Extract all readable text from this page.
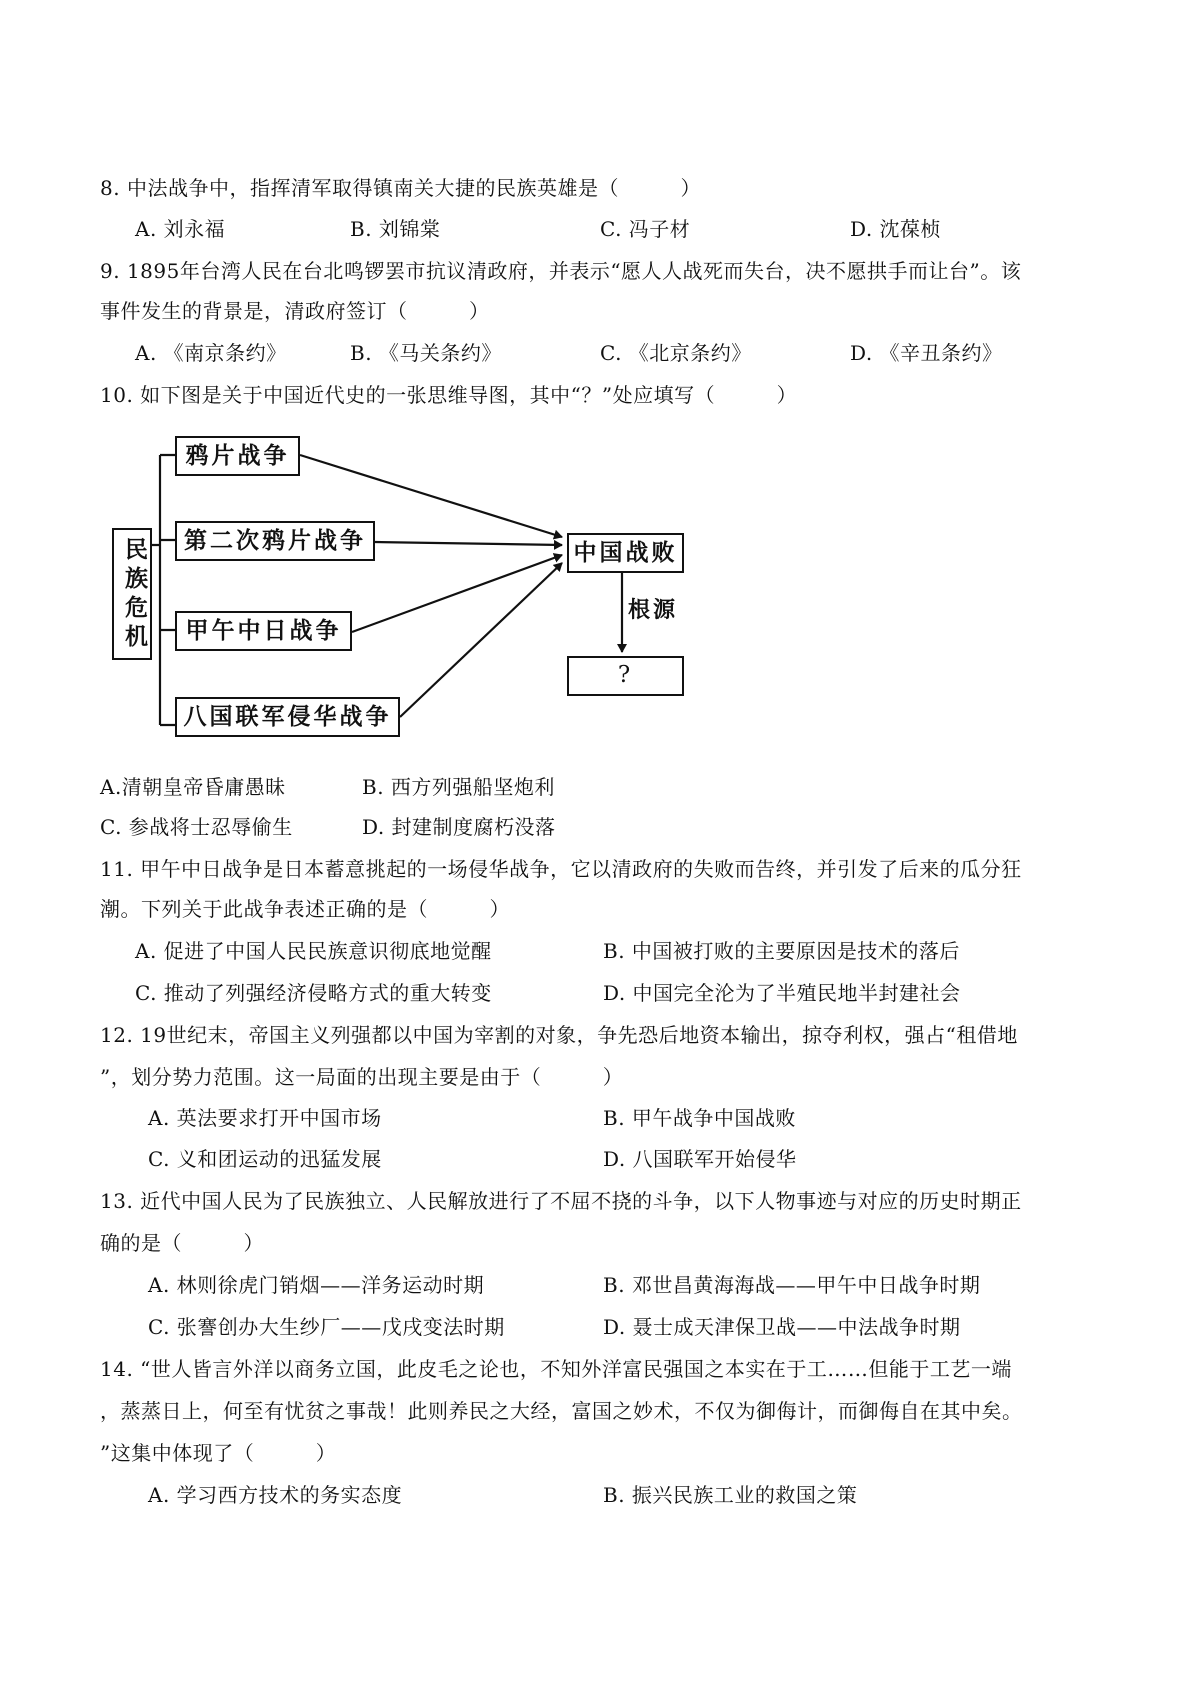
8. 中法战争中，指挥清军取得镇南关大捷的民族英雄是（　　　）
A. 刘永福	B. 刘锦棠	C. 冯子材	D. 沈葆桢
9. 1895年台湾人民在台北鸣锣罢市抗议清政府，并表示“愿人人战死而失台，决不愿拱手而让台”。该
事件发生的背景是，清政府签订（　　　）
A. 《南京条约》	B. 《马关条约》	C. 《北京条约》	D. 《辛丑条约》
10. 如下图是关于中国近代史的一张思维导图，其中“？”处应填写（　　　）
民族危机
鸦片战争
第二次鸦片战争
甲午中日战争
八国联军侵华战争
中国战败
根源
?
A.清朝皇帝昏庸愚昧	B. 西方列强船坚炮利
C. 参战将士忍辱偷生	D. 封建制度腐朽没落
11. 甲午中日战争是日本蓄意挑起的一场侵华战争，它以清政府的失败而告终，并引发了后来的瓜分狂
潮。下列关于此战争表述正确的是（　　　）
A. 促进了中国人民民族意识彻底地觉醒	B. 中国被打败的主要原因是技术的落后
C. 推动了列强经济侵略方式的重大转变	D. 中国完全沦为了半殖民地半封建社会
12. 19世纪末，帝国主义列强都以中国为宰割的对象，争先恐后地资本输出，掠夺利权，强占“租借地
”，划分势力范围。这一局面的出现主要是由于（　　　）
A. 英法要求打开中国市场	B. 甲午战争中国战败
C. 义和团运动的迅猛发展	D. 八国联军开始侵华
13. 近代中国人民为了民族独立、人民解放进行了不屈不挠的斗争，以下人物事迹与对应的历史时期正
确的是（　　　）
A. 林则徐虎门销烟——洋务运动时期	B. 邓世昌黄海海战——甲午中日战争时期
C. 张謇创办大生纱厂——戊戌变法时期	D. 聂士成天津保卫战——中法战争时期
14. “世人皆言外洋以商务立国，此皮毛之论也，不知外洋富民强国之本实在于工……但能于工艺一端
，蒸蒸日上，何至有忧贫之事哉！此则养民之大经，富国之妙术，不仅为御侮计，而御侮自在其中矣。
”这集中体现了（　　　）
A. 学习西方技术的务实态度	B. 振兴民族工业的救国之策
